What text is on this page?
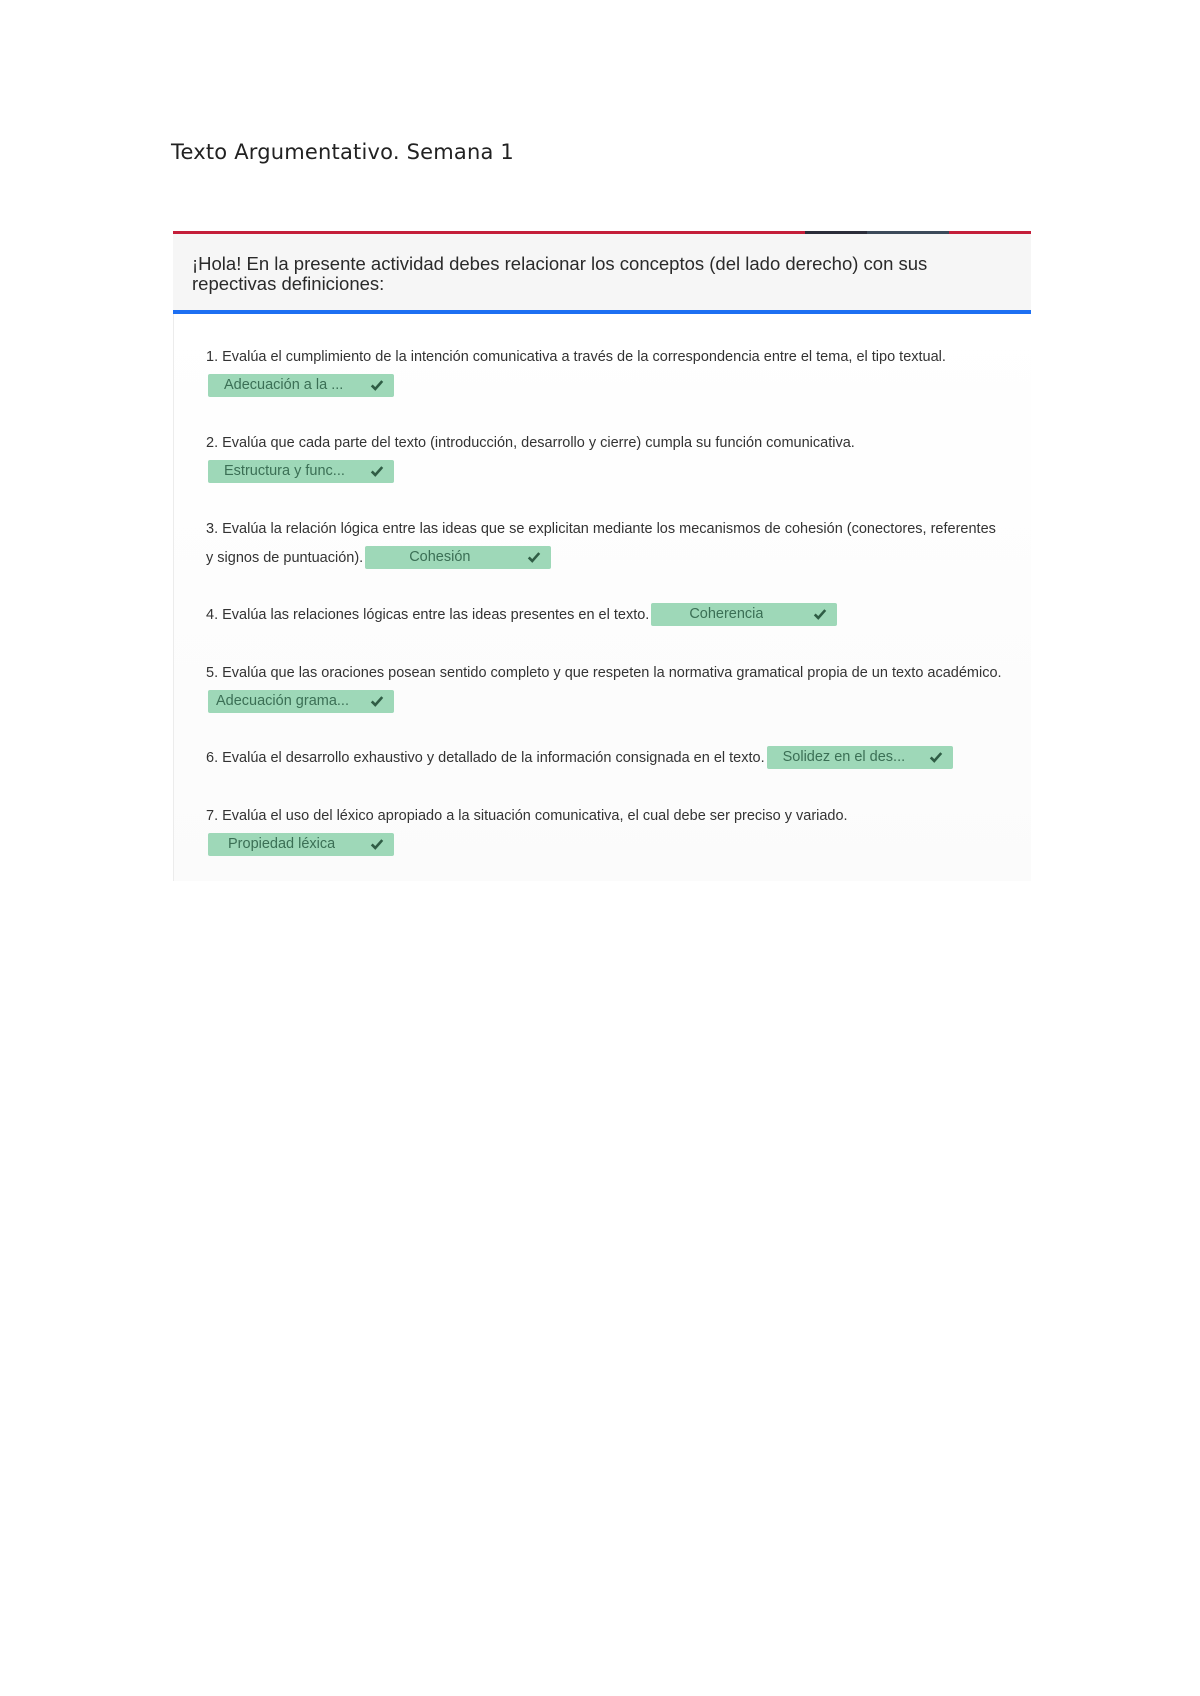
Texto Argumentativo. Semana 1
¡Hola! En la presente actividad debes relacionar los conceptos (del lado derecho) con sus repectivas definiciones:
1. Evalúa el cumplimiento de la intención comunicativa a través de la correspondencia entre el tema, el tipo textual.
Adecuación a la ...
2. Evalúa que cada parte del texto (introducción, desarrollo y cierre) cumpla su función comunicativa.
Estructura y func...
3. Evalúa la relación lógica entre las ideas que se explicitan mediante los mecanismos de cohesión (conectores, referentes y signos de puntuación).	Cohesión
4. Evalúa las relaciones lógicas entre las ideas presentes en el texto.	Coherencia
5. Evalúa que las oraciones posean sentido completo y que respeten la normativa gramatical propia de un texto académico.
Adecuación grama...
6. Evalúa el desarrollo exhaustivo y detallado de la información consignada en el texto. Solidez en el des...
7. Evalúa el uso del léxico apropiado a la situación comunicativa, el cual debe ser preciso y variado.
Propiedad léxica
